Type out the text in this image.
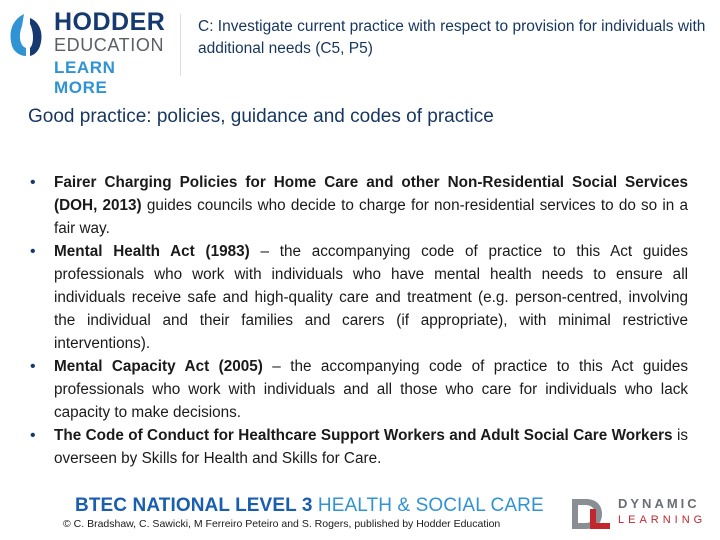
HODDER
EDUCATION
LEARN MORE
C: Investigate current practice with respect to provision for individuals with additional needs (C5, P5)
Good practice: policies, guidance and codes of practice
• Fairer Charging Policies for Home Care and other Non-Residential Social Services (DOH, 2013) guides councils who decide to charge for non-residential services to do so in a fair way.
• Mental Health Act (1983) – the accompanying code of practice to this Act guides professionals who work with individuals who have mental health needs to ensure all individuals receive safe and high-quality care and treatment (e.g. person-centred, involving the individual and their families and carers (if appropriate), with minimal restrictive interventions).
• Mental Capacity Act (2005) – the accompanying code of practice to this Act guides professionals who work with individuals and all those who care for individuals who lack capacity to make decisions.
• The Code of Conduct for Healthcare Support Workers and Adult Social Care Workers is overseen by Skills for Health and Skills for Care.
BTEC NATIONAL LEVEL 3 HEALTH & SOCIAL CARE
© C. Bradshaw, C. Sawicki, M Ferreiro Peteiro and S. Rogers, published by Hodder Education
DYNAMIC
LEARNING
